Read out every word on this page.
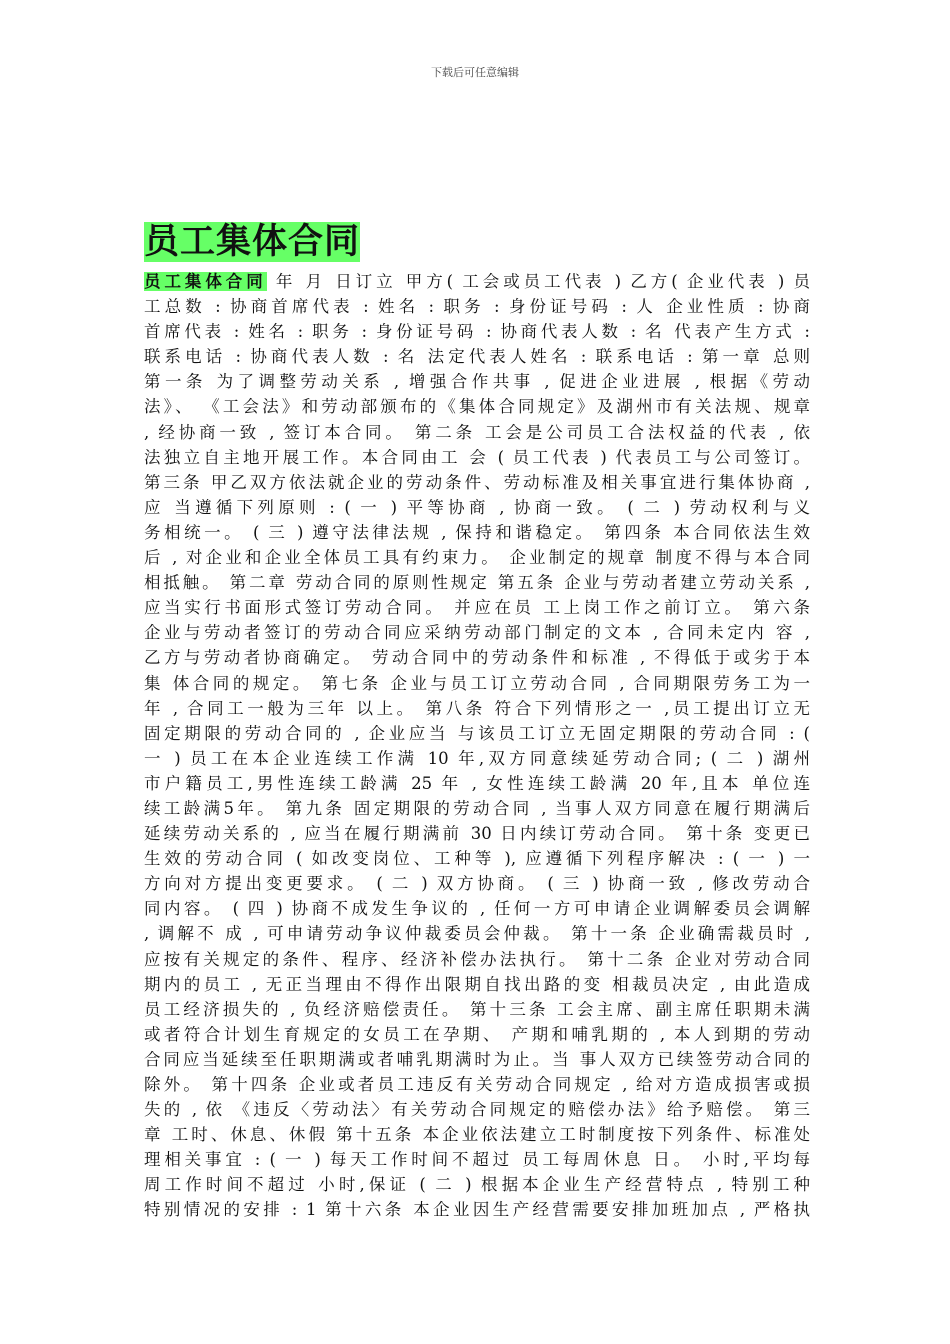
下载后可任意编辑
员工集体合同
员工集体合同 年 月 日订立 甲方( 工会或员工代表 ) 乙方( 企业代表 ) 员
工总数 : 协商首席代表 : 姓名 : 职务 : 身份证号码 : 人 企业性质 : 协商
首席代表 : 姓名 : 职务 : 身份证号码 : 协商代表人数 : 名 代表产生方式 :
联系电话 : 协商代表人数 : 名 法定代表人姓名 : 联系电话 : 第一章 总则
第一条 为了调整劳动关系 , 增强合作共事 , 促进企业进展 , 根据《劳动
法》、 《工会法》和劳动部颁布的《集体合同规定》及湖州市有关法规、规章
, 经协商一致 , 签订本合同。 第二条 工会是公司员工合法权益的代表 , 依
法独立自主地开展工作。本合同由工 会 ( 员工代表 ) 代表员工与公司签订。
第三条 甲乙双方依法就企业的劳动条件、劳动标准及相关事宜进行集体协商 ,
应 当遵循下列原则 : ( 一 ) 平等协商 , 协商一致。 ( 二 ) 劳动权利与义
务相统一。 ( 三 ) 遵守法律法规 , 保持和谐稳定。 第四条 本合同依法生效
后 , 对企业和企业全体员工具有约束力。 企业制定的规章 制度不得与本合同
相抵触。 第二章 劳动合同的原则性规定 第五条 企业与劳动者建立劳动关系 ,
应当实行书面形式签订劳动合同。 并应在员 工上岗工作之前订立。 第六条
企业与劳动者签订的劳动合同应采纳劳动部门制定的文本 , 合同未定内 容 ,
乙方与劳动者协商确定。 劳动合同中的劳动条件和标准 , 不得低于或劣于本
集 体合同的规定。 第七条 企业与员工订立劳动合同 , 合同期限劳务工为一
年 , 合同工一般为三年 以上。 第八条 符合下列情形之一 ,员工提出订立无
固定期限的劳动合同的 , 企业应当 与该员工订立无固定期限的劳动合同 : (
一 ) 员工在本企业连续工作满 10 年,双方同意续延劳动合同; ( 二 ) 湖州
市户籍员工,男性连续工龄满 25 年 , 女性连续工龄满 20 年,且本 单位连
续工龄满5年。 第九条 固定期限的劳动合同 , 当事人双方同意在履行期满后
延续劳动关系的 , 应当在履行期满前 30 日内续订劳动合同。 第十条 变更已
生效的劳动合同 ( 如改变岗位、工种等 ), 应遵循下列程序解决 : ( 一 ) 一
方向对方提出变更要求。 ( 二 ) 双方协商。 ( 三 ) 协商一致 , 修改劳动合
同内容。 ( 四 ) 协商不成发生争议的 , 任何一方可申请企业调解委员会调解
, 调解不 成 , 可申请劳动争议仲裁委员会仲裁。 第十一条 企业确需裁员时 ,
应按有关规定的条件、程序、经济补偿办法执行。 第十二条 企业对劳动合同
期内的员工 , 无正当理由不得作出限期自找出路的变 相裁员决定 , 由此造成
员工经济损失的 , 负经济赔偿责任。 第十三条 工会主席、副主席任职期未满
或者符合计划生育规定的女员工在孕期、 产期和哺乳期的 , 本人到期的劳动
合同应当延续至任职期满或者哺乳期满时为止。当 事人双方已续签劳动合同的
除外。 第十四条 企业或者员工违反有关劳动合同规定 , 给对方造成损害或损
失的 , 依 《违反〈劳动法〉有关劳动合同规定的赔偿办法》给予赔偿。 第三
章 工时、休息、休假 第十五条 本企业依法建立工时制度按下列条件、标准处
理相关事宜 : ( 一 ) 每天工作时间不超过 员工每周休息 日。 小时,平均每
周工作时间不超过 小时,保证 ( 二 ) 根据本企业生产经营特点 , 特别工种
特别情况的安排 : 1 第十六条 本企业因生产经营需要安排加班加点 , 严格执
